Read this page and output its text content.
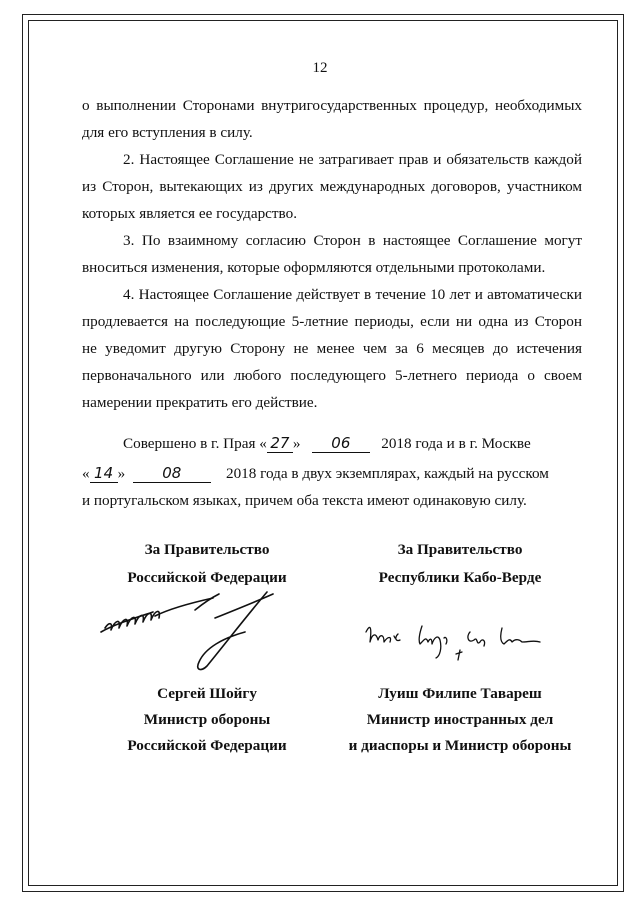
12
о выполнении Сторонами внутригосударственных процедур, необходимых
для его вступления в силу.
2. Настоящее Соглашение не затрагивает прав и обязательств каждой
из Сторон, вытекающих из других международных договоров, участником
которых является ее государство.
3. По взаимному согласию Сторон в настоящее Соглашение могут
вноситься изменения, которые оформляются отдельными протоколами.
4. Настоящее Соглашение действует в течение 10 лет и автоматически
продлевается на последующие 5-летние периоды, если ни одна из Сторон
не уведомит другую Сторону не менее чем за 6 месяцев до истечения
первоначального или любого последующего 5-летнего периода о своем
намерении прекратить его действие.
Совершено в г. Прая « 27 » 06 2018 года и в г. Москве
« 14 » 08	2018 года в двух экземплярах, каждый на русском
и португальском языках, причем оба текста имеют одинаковую силу.
За Правительство
Российской Федерации
Сергей Шойгу
Министр обороны
Российской Федерации
За Правительство
Республики Кабо-Верде
Луиш Филипе Тавареш
Министр иностранных дел
и диаспоры и Министр обороны
